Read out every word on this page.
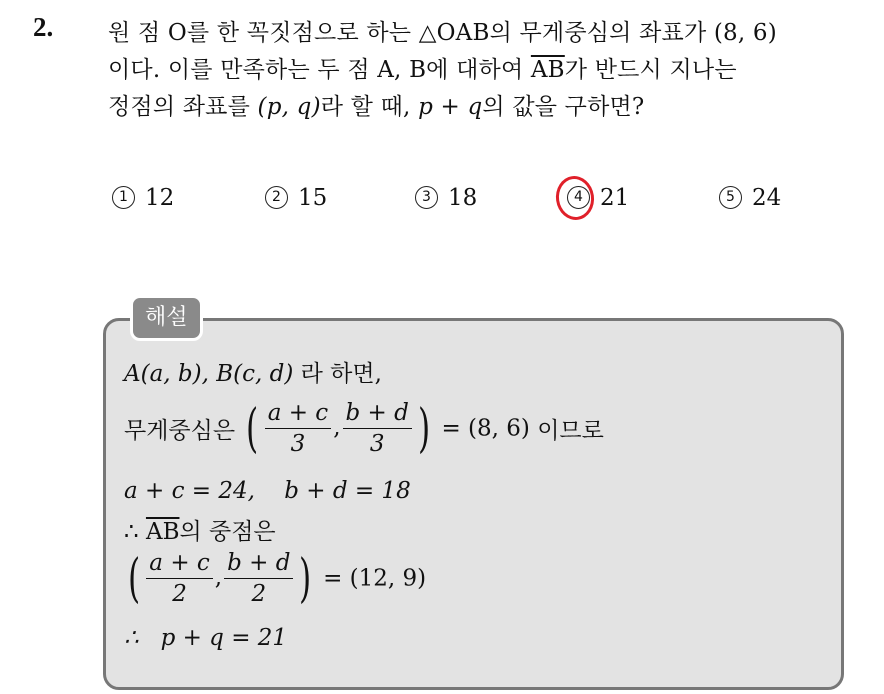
2. 원 점 O를 한 꼭짓점으로 하는 △OAB의 무게중심의 좌표가 (8, 6)
이다. 이를 만족하는 두 점 A, B에 대하여 $\overline{AB}$가 반드시 지나는
정점의 좌표를 (p, q)라 할 때, p + q의 값을 구하면?
1 12	2 15	3 18	4 21	5 24
해설
A(a, b), B(c, d) 라 하면,
무게중심은 ( $\frac{a + c}{3}$ , $\frac{b + d}{3}$ ) = (8, 6) 이므로
a + c = 24,    b + d = 18
∴ $\overline{AB}$의 중점은
( $\frac{a + c}{2}$ , $\frac{b + d}{2}$ ) = (12, 9)
∴   p + q = 21
